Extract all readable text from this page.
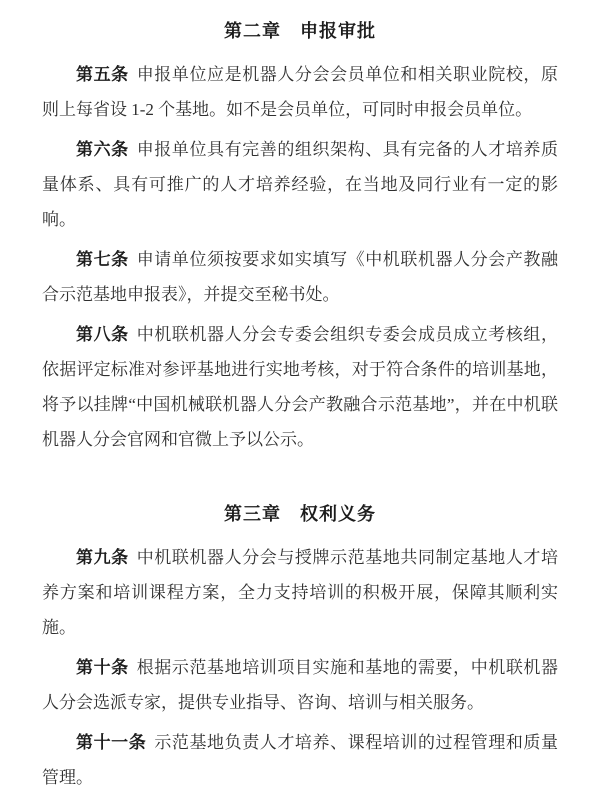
第二章　申报审批

第五条 申报单位应是机器人分会会员单位和相关职业院校，原则上每省设 1-2 个基地。如不是会员单位，可同时申报会员单位。

第六条 申报单位具有完善的组织架构、具有完备的人才培养质量体系、具有可推广的人才培养经验，在当地及同行业有一定的影响。

第七条 申请单位须按要求如实填写《中机联机器人分会产教融合示范基地申报表》，并提交至秘书处。

第八条 中机联机器人分会专委会组织专委会成员成立考核组，依据评定标准对参评基地进行实地考核，对于符合条件的培训基地，将予以挂牌“中国机械联机器人分会产教融合示范基地”，并在中机联机器人分会官网和官微上予以公示。

第三章　权利义务

第九条 中机联机器人分会与授牌示范基地共同制定基地人才培养方案和培训课程方案，全力支持培训的积极开展，保障其顺利实施。

第十条 根据示范基地培训项目实施和基地的需要，中机联机器人分会选派专家，提供专业指导、咨询、培训与相关服务。

第十一条 示范基地负责人才培养、课程培训的过程管理和质量管理。
